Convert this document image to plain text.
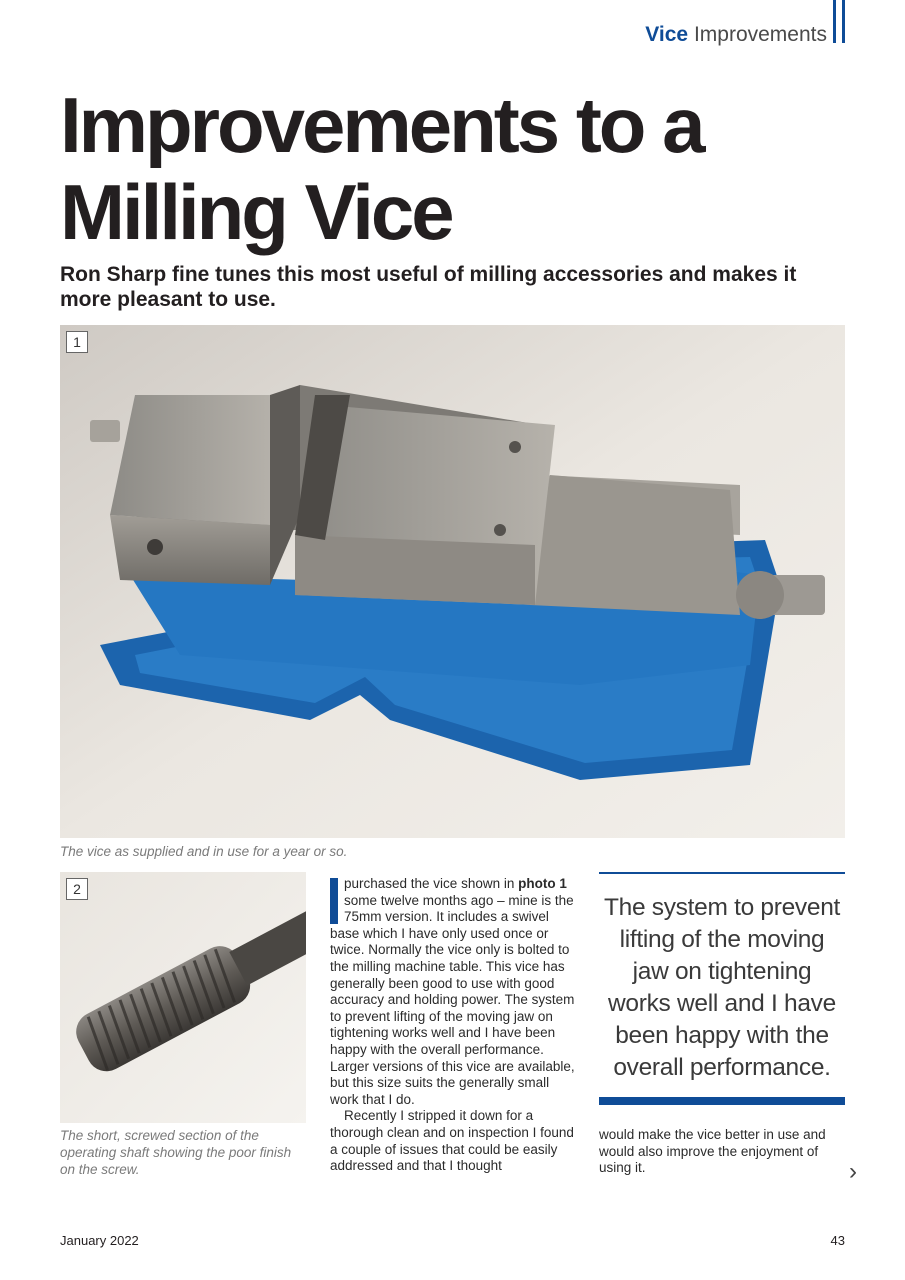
Vice Improvements
Improvements to a Milling Vice

Ron Sharp fine tunes this most useful of milling accessories and makes it more pleasant to use.

1
The vice as supplied and in use for a year or so.
2
The short, screwed section of the operating shaft showing the poor finish on the screw.

purchased the vice shown in photo 1 some twelve months ago – mine is the 75mm version. It includes a swivel base which I have only used once or twice. Normally the vice only is bolted to the milling machine table. This vice has generally been good to use with good accuracy and holding power. The system to prevent lifting of the moving jaw on tightening works well and I have been happy with the overall performance. Larger versions of this vice are available, but this size suits the generally small work that I do.

Recently I stripped it down for a thorough clean and on inspection I found a couple of issues that could be easily addressed and that I thought

The system to prevent lifting of the moving jaw on tightening works well and I have been happy with the overall performance.

would make the vice better in use and would also improve the enjoyment of using it.	›
January 2022	43
